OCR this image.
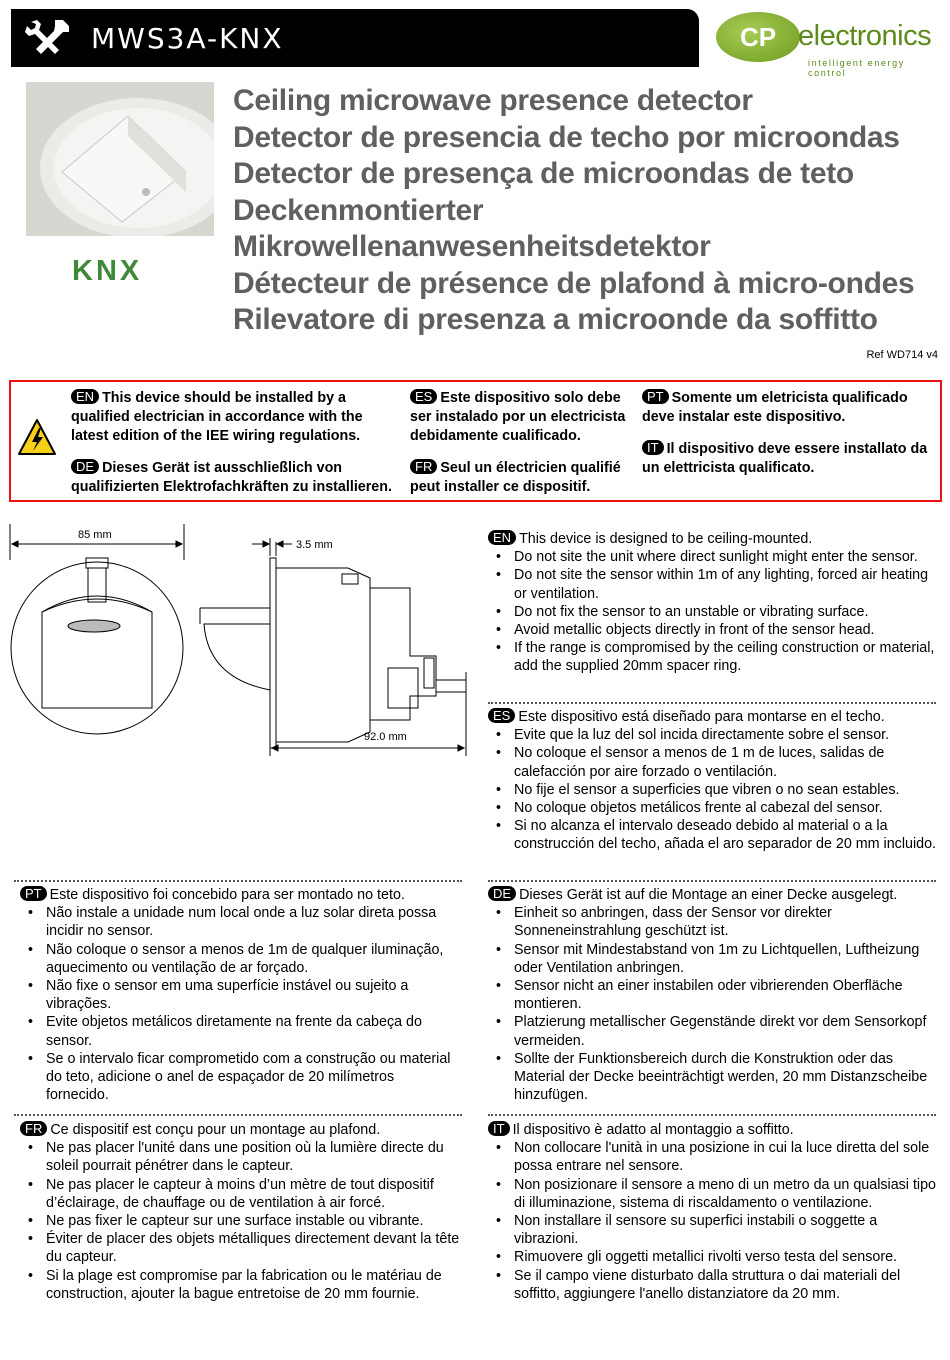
MWS3A-KNX	CP electronics
intelligent energy control
KNX
Ceiling microwave presence detector
Detector de presencia de techo por microondas
Detector de presença de microondas de teto
Deckenmontierter
Mikrowellenanwesenheitsdetektor
Détecteur de présence de plafond à micro-ondes
Rilevatore di presenza a microonde da soffitto
Ref WD714 v4
EN This device should be installed by a qualified electrician in accordance with the latest edition of the IEE wiring regulations.
DE Dieses Gerät ist ausschließlich von qualifizierten Elektrofachkräften zu installieren.
ES Este dispositivo solo debe ser instalado por un electricista debidamente cualificado.
FR Seul un électricien qualifié peut installer ce dispositif.
PT Somente um eletricista qualificado deve instalar este dispositivo.
IT Il dispositivo deve essere installato da un elettricista qualificato.
85 mm
3.5 mm
92.0 mm
EN This device is designed to be ceiling-mounted.
• Do not site the unit where direct sunlight might enter the sensor.
• Do not site the sensor within 1m of any lighting, forced air heating or ventilation.
• Do not fix the sensor to an unstable or vibrating surface.
• Avoid metallic objects directly in front of the sensor head.
• If the range is compromised by the ceiling construction or material, add the supplied 20mm spacer ring.
ES Este dispositivo está diseñado para montarse en el techo.
• Evite que la luz del sol incida directamente sobre el sensor.
• No coloque el sensor a menos de 1 m de luces, salidas de calefacción por aire forzado o ventilación.
• No fije el sensor a superficies que vibren o no sean estables.
• No coloque objetos metálicos frente al cabezal del sensor.
• Si no alcanza el intervalo deseado debido al material o a la construcción del techo, añada el aro separador de 20 mm incluido.
PT Este dispositivo foi concebido para ser montado no teto.
• Não instale a unidade num local onde a luz solar direta possa incidir no sensor.
• Não coloque o sensor a menos de 1m de qualquer iluminação, aquecimento ou ventilação de ar forçado.
• Não fixe o sensor em uma superfície instável ou sujeito a vibrações.
• Evite objetos metálicos diretamente na frente da cabeça do sensor.
• Se o intervalo ficar comprometido com a construção ou material do teto, adicione o anel de espaçador de 20 milímetros fornecido.
DE Dieses Gerät ist auf die Montage an einer Decke ausgelegt.
• Einheit so anbringen, dass der Sensor vor direkter Sonneneinstrahlung geschützt ist.
• Sensor mit Mindestabstand von 1m zu Lichtquellen, Luftheizung oder Ventilation anbringen.
• Sensor nicht an einer instabilen oder vibrierenden Oberfläche montieren.
• Platzierung metallischer Gegenstände direkt vor dem Sensorkopf vermeiden.
• Sollte der Funktionsbereich durch die Konstruktion oder das Material der Decke beeinträchtigt werden, 20 mm Distanzscheibe hinzufügen.
FR Ce dispositif est conçu pour un montage au plafond.
• Ne pas placer l'unité dans une position où la lumière directe du soleil pourrait pénétrer dans le capteur.
• Ne pas placer le capteur à moins d’un mètre de tout dispositif d’éclairage, de chauffage ou de ventilation à air forcé.
• Ne pas fixer le capteur sur une surface instable ou vibrante.
• Éviter de placer des objets métalliques directement devant la tête du capteur.
• Si la plage est compromise par la fabrication ou le matériau de construction, ajouter la bague entretoise de 20 mm fournie.
IT Il dispositivo è adatto al montaggio a soffitto.
• Non collocare l'unità in una posizione in cui la luce diretta del sole possa entrare nel sensore.
• Non posizionare il sensore a meno di un metro da un qualsiasi tipo di illuminazione, sistema di riscaldamento o ventilazione.
• Non installare il sensore su superfici instabili o soggette a vibrazioni.
• Rimuovere gli oggetti metallici rivolti verso testa del sensore.
• Se il campo viene disturbato dalla struttura o dai materiali del soffitto, aggiungere l'anello distanziatore da 20 mm.
